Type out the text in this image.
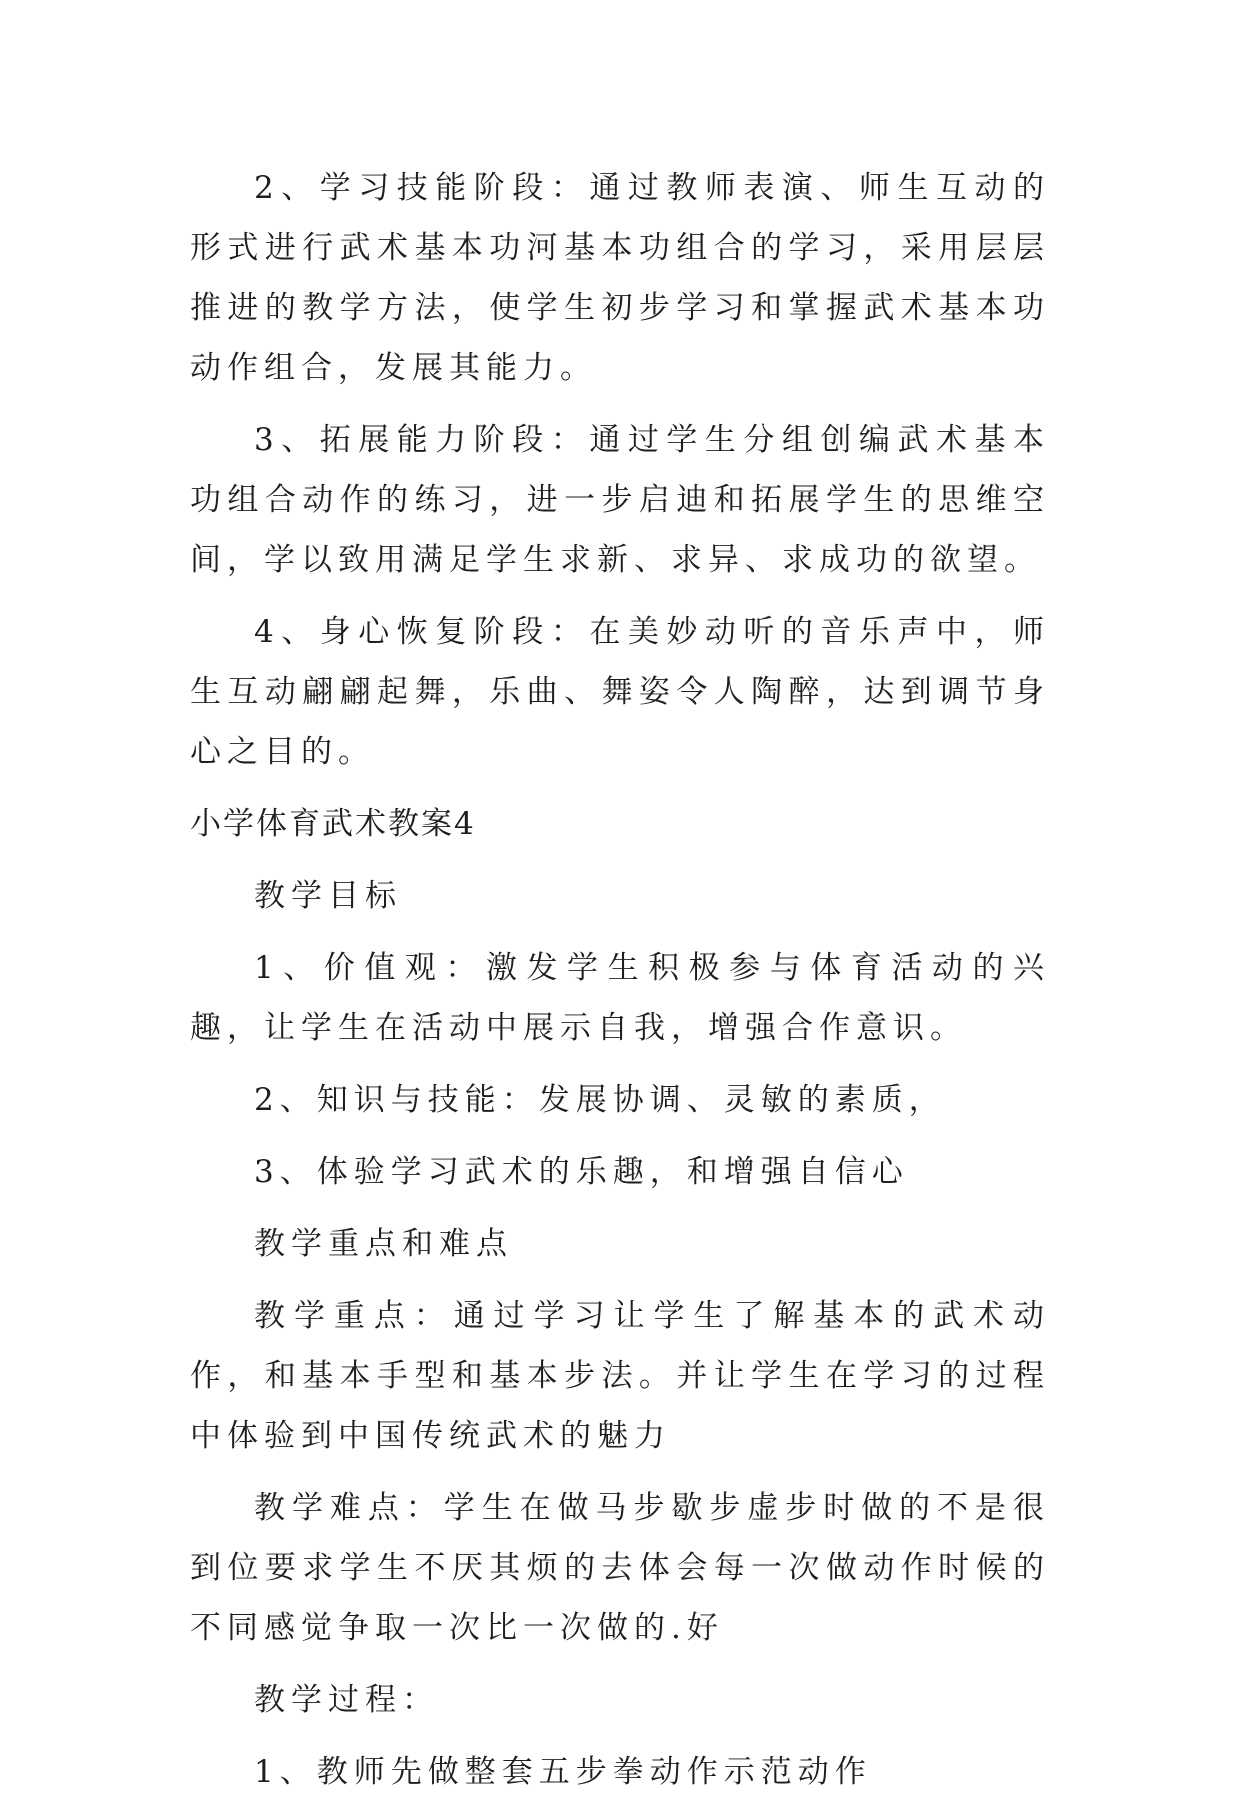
2、学习技能阶段：通过教师表演、师生互动的形式进行武术基本功河基本功组合的学习，采用层层推进的教学方法，使学生初步学习和掌握武术基本功动作组合，发展其能力。

3、拓展能力阶段：通过学生分组创编武术基本功组合动作的练习，进一步启迪和拓展学生的思维空间，学以致用满足学生求新、求异、求成功的欲望。

4、身心恢复阶段：在美妙动听的音乐声中，师生互动翩翩起舞，乐曲、舞姿令人陶醉，达到调节身心之目的。

小学体育武术教案4

教学目标

1、价值观：激发学生积极参与体育活动的兴趣，让学生在活动中展示自我，增强合作意识。

2、知识与技能：发展协调、灵敏的素质，

3、体验学习武术的乐趣，和增强自信心

教学重点和难点

教学重点：通过学习让学生了解基本的武术动作，和基本手型和基本步法。并让学生在学习的过程中体验到中国传统武术的魅力

教学难点：学生在做马步歇步虚步时做的不是很到位要求学生不厌其烦的去体会每一次做动作时候的不同感觉争取一次比一次做的.好

教学过程：

1、教师先做整套五步拳动作示范动作
